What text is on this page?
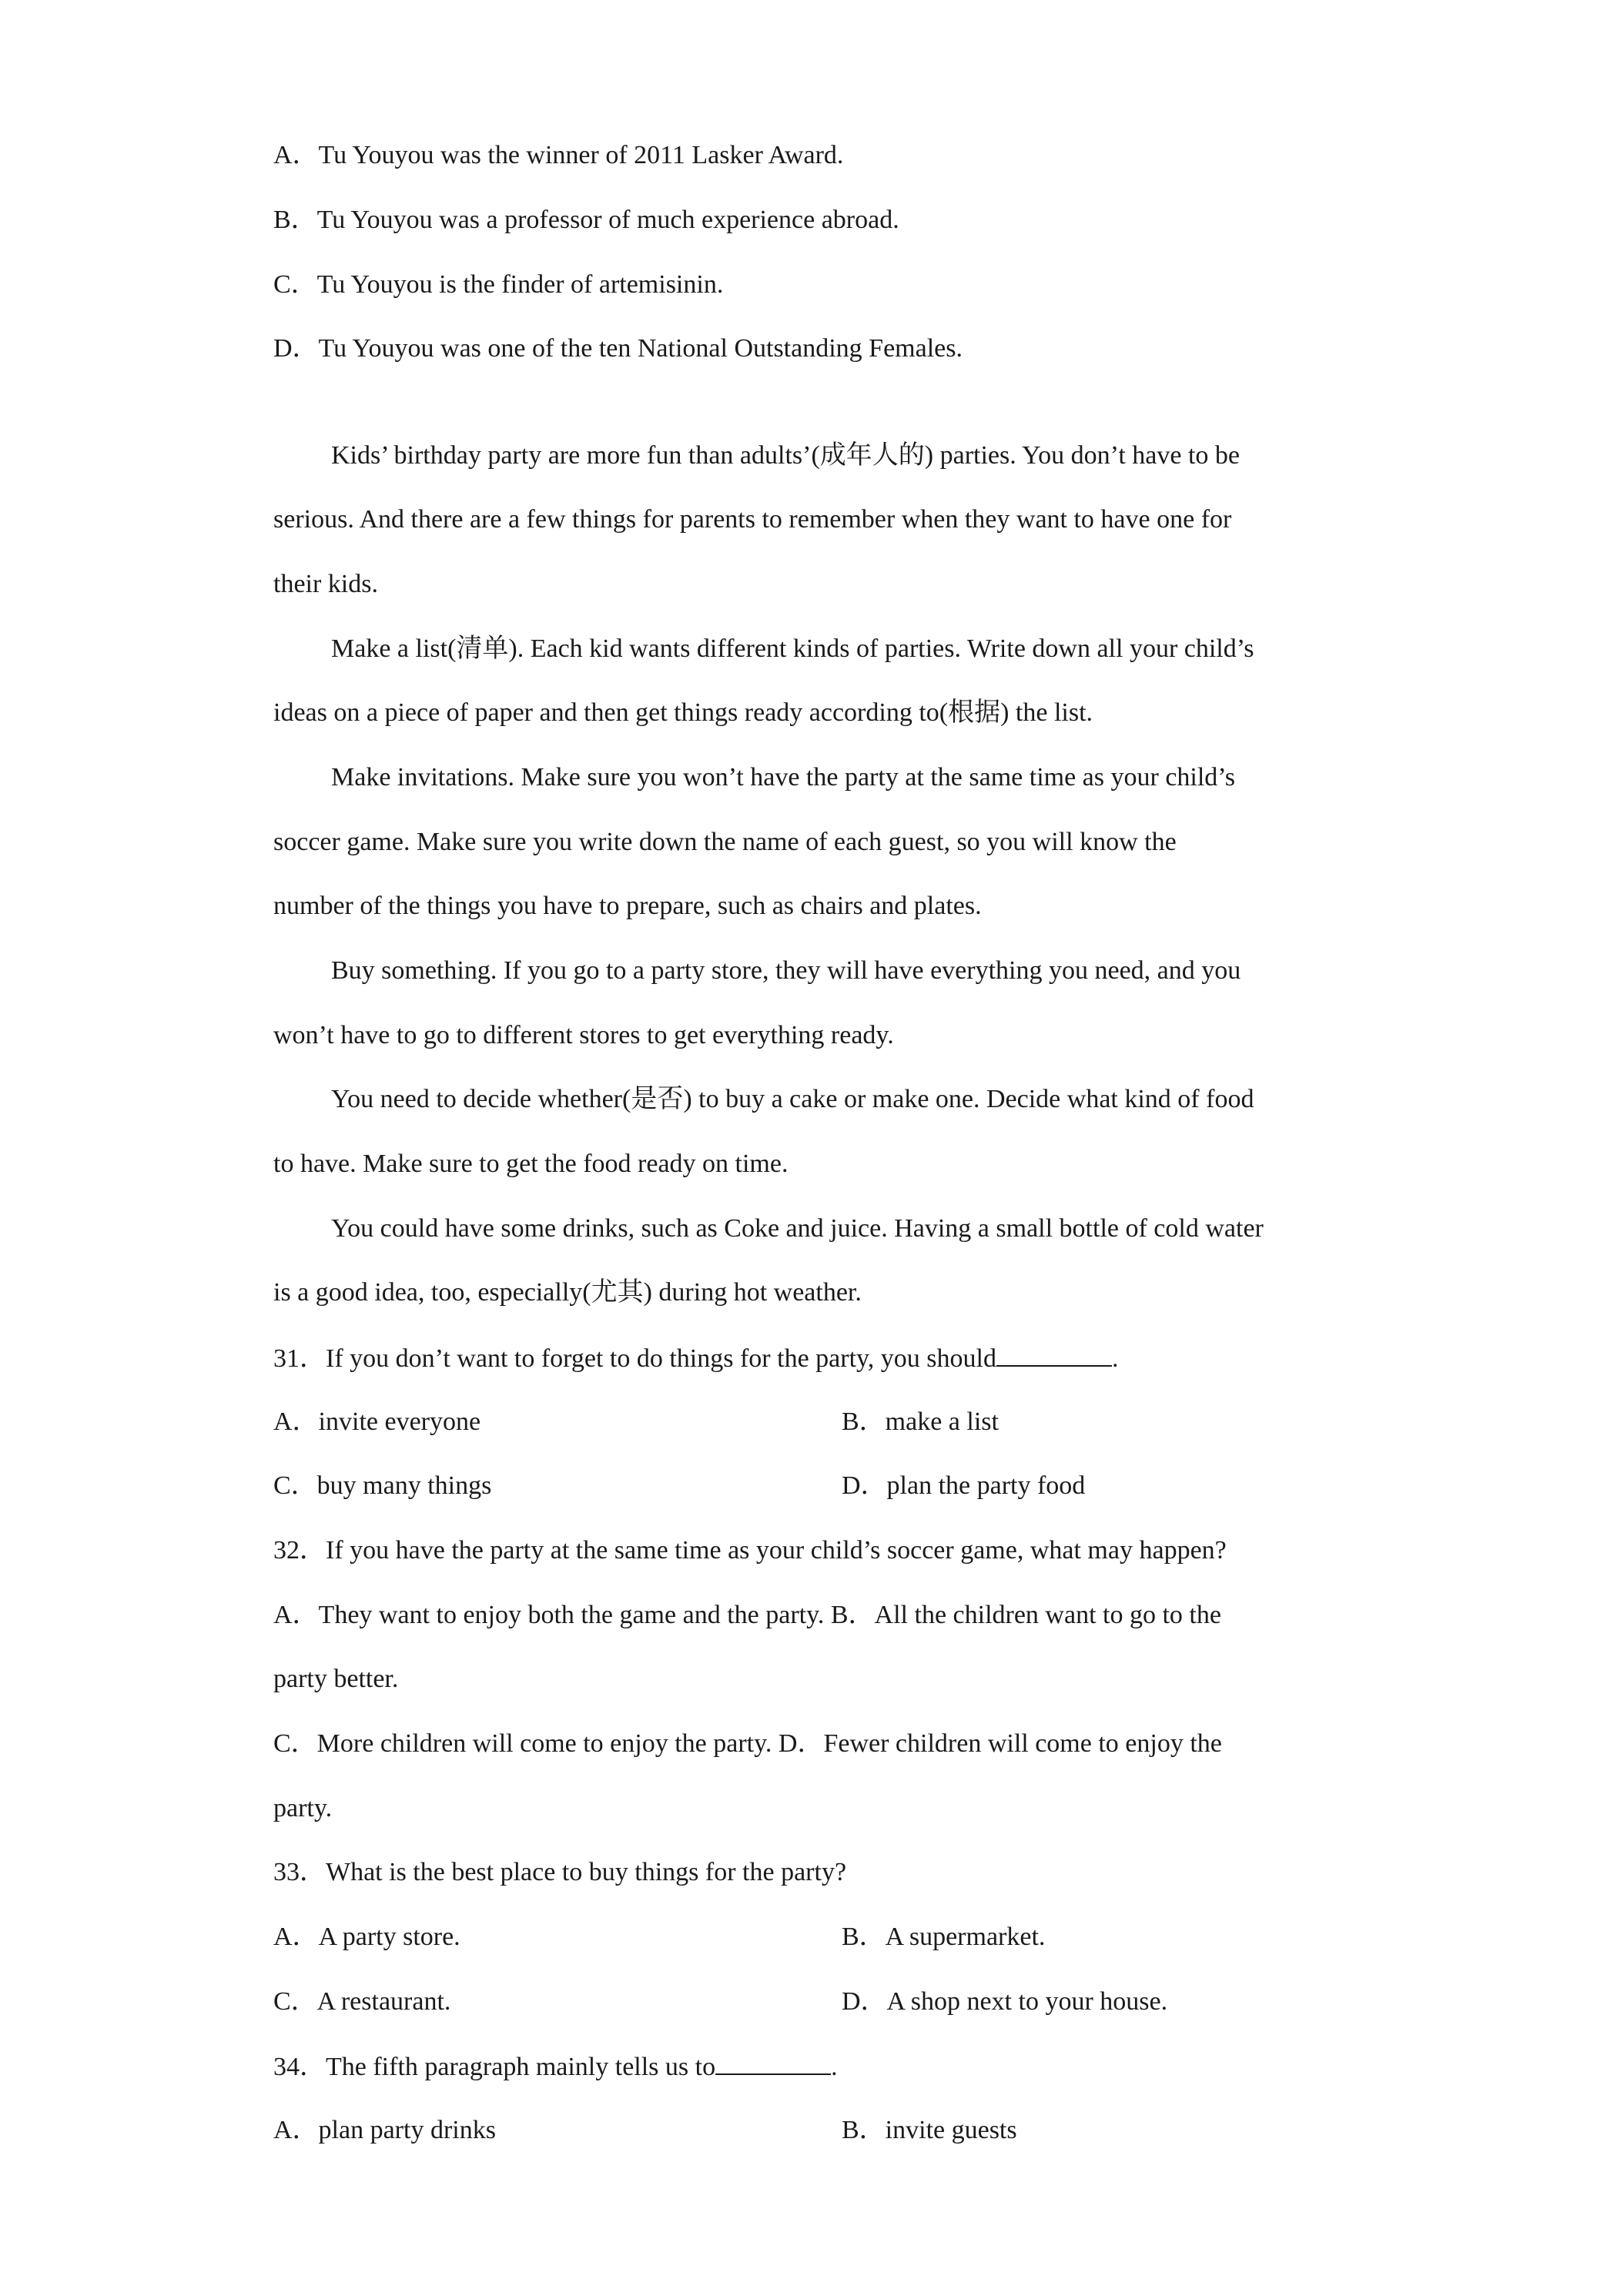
A．Tu Youyou was the winner of 2011 Lasker Award.
B．Tu Youyou was a professor of much experience abroad.
C．Tu Youyou is the finder of artemisinin.
D．Tu Youyou was one of the ten National Outstanding Females.
Kids’ birthday party are more fun than adults’(成年人的) parties. You don’t have to be
serious. And there are a few things for parents to remember when they want to have one for
their kids.
Make a list(清单). Each kid wants different kinds of parties. Write down all your child’s
ideas on a piece of paper and then get things ready according to(根据) the list.
Make invitations. Make sure you won’t have the party at the same time as your child’s
soccer game. Make sure you write down the name of each guest, so you will know the
number of the things you have to prepare, such as chairs and plates.
Buy something. If you go to a party store, they will have everything you need, and you
won’t have to go to different stores to get everything ready.
You need to decide whether(是否) to buy a cake or make one. Decide what kind of food
to have. Make sure to get the food ready on time.
You could have some drinks, such as Coke and juice. Having a small bottle of cold water
is a good idea, too, especially(尤其) during hot weather.
31．If you don’t want to forget to do things for the party, you should	.
A．invite everyone	B．make a list
C．buy many things	D．plan the party food
32．If you have the party at the same time as your child’s soccer game, what may happen?
A．They want to enjoy both the game and the party. B．All the children want to go to the
party better.
C．More children will come to enjoy the party. D．Fewer children will come to enjoy the
party.
33．What is the best place to buy things for the party?
A．A party store.	B．A supermarket.
C．A restaurant.	D．A shop next to your house.
34．The fifth paragraph mainly tells us to	.
A．plan party drinks	B．invite guests
